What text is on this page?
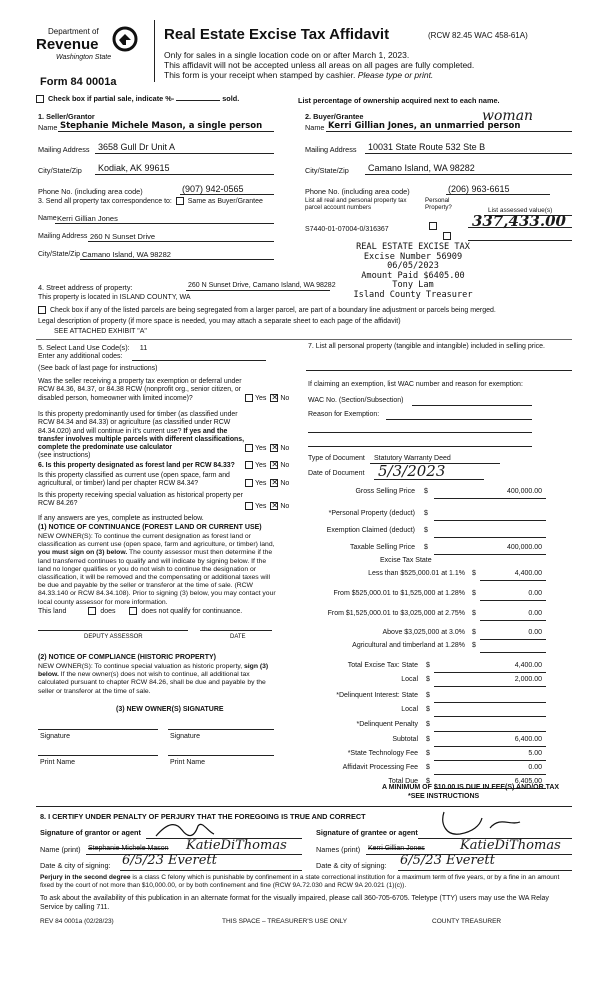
Department of
Revenue
Washington State
Form 84 0001a
Real Estate Excise Tax Affidavit	(RCW 82.45 WAC 458-61A)
Only for sales in a single location code on or after March 1, 2023.
This affidavit will not be accepted unless all areas on all pages are fully completed.
This form is your receipt when stamped by cashier. Please type or print.
Check box if partial sale, indicate %-	sold.	List percentage of ownership acquired next to each name.
1. Seller/Grantor
Name Stephanie Michele Mason, a single person
Mailing Address 3658 Gull Dr Unit A
City/State/Zip Kodiak, AK 99615
Phone No. (including area code)	(907) 942-0565
3. Send all property tax correspondence to: Same as Buyer/Grantee
Name Kerri Gillian Jones
Mailing Address 260 N Sunset Drive
City/State/Zip Camano Island, WA 98282
2. Buyer/Grantee	woman
Name Kerri Gillian Jones, an unmarried person
Mailing Address 10031 State Route 532 Ste B
City/State/Zip Camano Island, WA 98282
Phone No. (including area code)	(206) 963-6615
List all real and personal property tax parcel account numbers
Personal Property?	List assessed value(s)
S7440-01-07004-0/316367
	337,433.00
REAL ESTATE EXCISE TAX
Excise Number 56909
06/05/2023
Amount Paid $6405.00
Tony Lam
Island County Treasurer
4. Street address of property:	260 N Sunset Drive, Camano Island, WA 98282
This property is located in ISLAND COUNTY, WA
Check box if any of the listed parcels are being segregated from a larger parcel, are part of a boundary line adjustment or parcels being merged.
Legal description of property (if more space is needed, you may attach a separate sheet to each page of the affidavit)
SEE ATTACHED EXHIBIT "A"
5. Select Land Use Code(s): 11
Enter any additional codes:
(See back of last page for instructions)
Was the seller receiving a property tax exemption or deferral under RCW 84.36, 84.37, or 84.38 RCW (nonprofit org., senior citizen, or disabled person, homeowner with limited income)?	Yes ✕ No
Is this property predominantly used for timber (as classified under RCW 84.34 and 84.33) or agriculture (as classified under RCW 84.34.020) and will continue in it's current use? If yes and the transfer involves multiple parcels with different classifications, complete the predominate use calculator
(see instructions)
Yes ✕ No
6. Is this property designated as forest land per RCW 84.33?	Yes ✕ No
Is this property classified as current use (open space, farm and agricultural, or timber) land per chapter RCW 84.34?	Yes ✕ No
Is this property receiving special valuation as historical property per RCW 84.26?	Yes ✕ No
If any answers are yes, complete as instructed below.
(1) NOTICE OF CONTINUANCE (FOREST LAND OR CURRENT USE)
NEW OWNER(S): To continue the current designation as forest land or classification as current use (open space, farm and agriculture, or timber) land, you must sign on (3) below. The county assessor must then determine if the land transferred continues to qualify and will indicate by signing below. If the land no longer qualifies or you do not wish to continue the designation or classification, it will be removed and the compensating or additional taxes will be due and payable by the seller or transferor at the time of sale. (RCW 84.33.140 or RCW 84.34.108). Prior to signing (3) below, you may contact your local county assessor for more information.
This land	does	does not qualify for continuance.
DEPUTY ASSESSOR	DATE
(2) NOTICE OF COMPLIANCE (HISTORIC PROPERTY)
NEW OWNER(S): To continue special valuation as historic property, sign (3) below. If the new owner(s) does not wish to continue, all additional tax calculated pursuant to chapter RCW 84.26, shall be due and payable by the seller or transferor at the time of sale.
(3) NEW OWNER(S) SIGNATURE
Signature	Signature
Print Name	Print Name
7. List all personal property (tangible and intangible) included in selling price.
If claiming an exemption, list WAC number and reason for exemption:
WAC No. (Section/Subsection)
Reason for Exemption:
Type of Document Statutory Warranty Deed
Date of Document 5/3/2023
Gross Selling Price $	400,000.00
*Personal Property (deduct) $
Exemption Claimed (deduct) $
Taxable Selling Price $	400,000.00
Excise Tax State
Less than $525,000.01 at 1.1% $	4,400.00
From $525,000.01 to $1,525,000 at 1.28% $	0.00
From $1,525,000.01 to $3,025,000 at 2.75% $	0.00
Above $3,025,000 at 3.0% $	0.00
Agricultural and timberland at 1.28% $
Total Excise Tax: State $	4,400.00
Local $	2,000.00
*Delinquent Interest: State $
Local $
*Delinquent Penalty $
Subtotal $	6,400.00
*State Technology Fee $	5.00
Affidavit Processing Fee $	0.00
Total Due $	6,405.00
A MINIMUM OF $10.00 IS DUE IN FEE(S) AND/OR TAX
*SEE INSTRUCTIONS
8. I CERTIFY UNDER PENALTY OF PERJURY THAT THE FOREGOING IS TRUE AND CORRECT
Signature of grantor or agent	Signature of grantee or agent
Name (print) Stephanie Michele Mason KatieDiThomas	Names (print) Kerri Gillian Jones	KatieDiThomas
Date & city of signing: 6/5/23 Everett	Date & city of signing: 6/5/23 Everett
Perjury in the second degree is a class C felony which is punishable by confinement in a state correctional institution for a maximum term of five years, or by a fine in an amount fixed by the court of not more than $10,000.00, or by both confinement and fine (RCW 9A.72.030 and RCW 9A 20.021 (1)(c)).
To ask about the availability of this publication in an alternate format for the visually impaired, please call 360-705-6705. Teletype (TTY) users may use the WA Relay Service by calling 711.
REV 84 0001a (02/28/23)	THIS SPACE – TREASURER'S USE ONLY	COUNTY TREASURER
